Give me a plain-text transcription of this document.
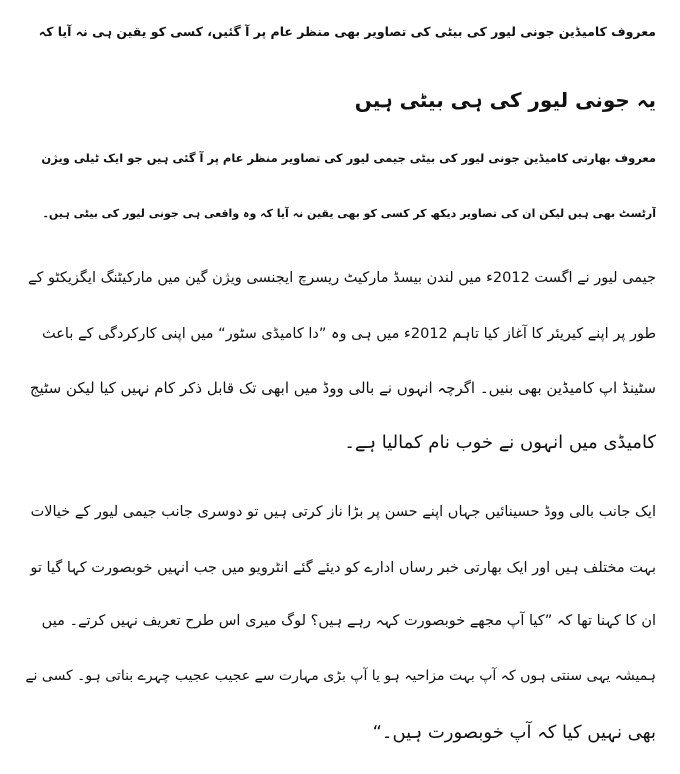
معروف کامیڈین جونی لیور کی بیٹی کی تصاویر بھی منظر عام پر آ گئیں، کسی کو یقین ہی نہ آیا کہ
یہ جونی لیور کی ہی بیٹی ہیں
معروف بھارتی کامیڈین جونی لیور کی بیٹی جیمی لیور کی تصاویر منظر عام پر آ گئی ہیں جو ایک ٹیلی ویژن
آرٹسٹ بھی ہیں لیکن ان کی تصاویر دیکھ کر کسی کو بھی یقین نہ آیا کہ وہ واقعی ہی جونی لیور کی بیٹی ہیں۔
جیمی لیور نے اگست 2012ء میں لندن بیسڈ مارکیٹ ریسرچ ایجنسی ویژن گین میں مارکیٹنگ ایگزیکٹو کے
طور پر اپنے کیریئر کا آغاز کیا تاہم 2012ء میں ہی وہ ”دا کامیڈی سٹور“ میں اپنی کارکردگی کے باعث
سٹینڈ اپ کامیڈین بھی بنیں۔ اگرچہ انہوں نے بالی ووڈ میں ابھی تک قابل ذکر کام نہیں کیا لیکن سٹیج
کامیڈی میں انہوں نے خوب نام کمالیا ہے۔
ایک جانب بالی ووڈ حسینائیں جہاں اپنے حسن پر بڑا ناز کرتی ہیں تو دوسری جانب جیمی لیور کے خیالات
بہت مختلف ہیں اور ایک بھارتی خبر رساں ادارے کو دیئے گئے انٹرویو میں جب انہیں خوبصورت کہا گیا تو
ان کا کہنا تھا کہ ”کیا آپ مجھے خوبصورت کہہ رہے ہیں؟ لوگ میری اس طرح تعریف نہیں کرتے۔ میں
ہمیشہ یہی سنتی ہوں کہ آپ بہت مزاحیہ ہو یا آپ بڑی مہارت سے عجیب عجیب چہرے بناتی ہو۔ کسی نے
بھی نہیں کیا کہ آپ خوبصورت ہیں۔“
